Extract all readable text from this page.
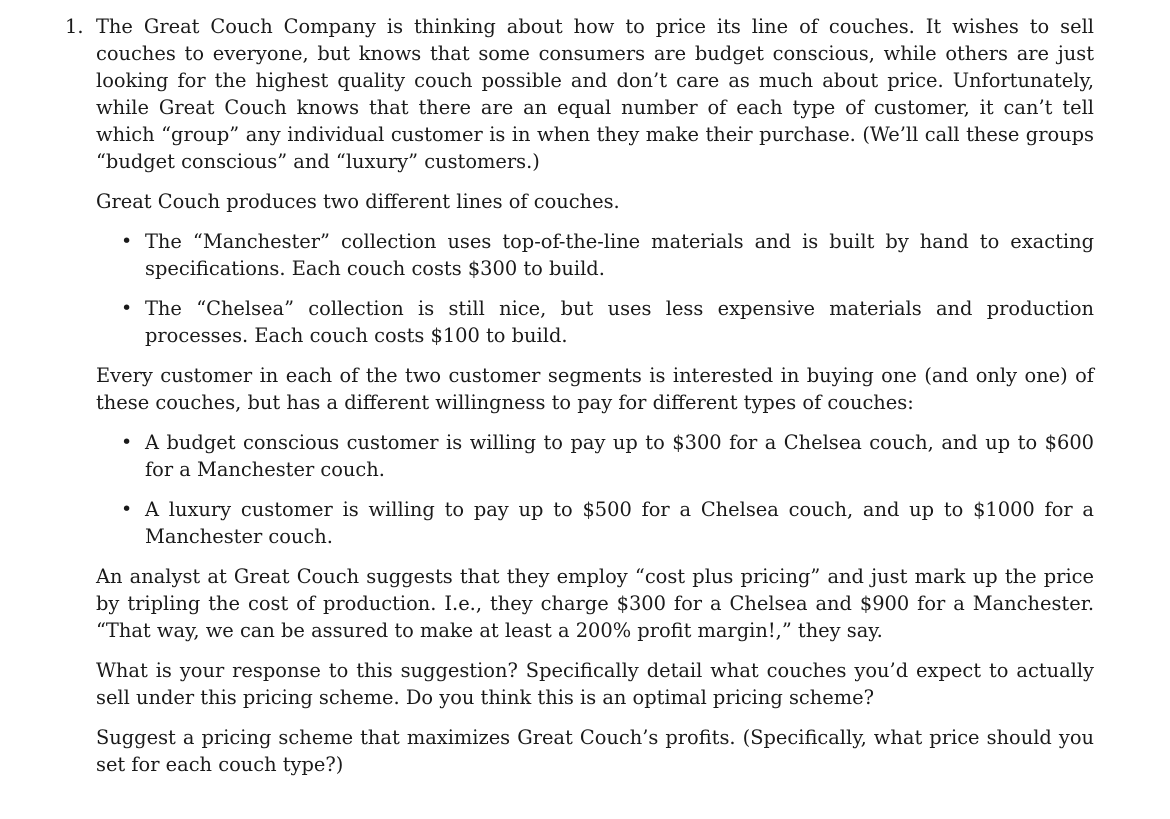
1. The Great Couch Company is thinking about how to price its line of couches. It wishes to sell couches to everyone, but knows that some consumers are budget conscious, while others are just looking for the highest quality couch possible and don’t care as much about price. Unfortunately, while Great Couch knows that there are an equal number of each type of customer, it can’t tell which “group” any individual customer is in when they make their purchase. (We’ll call these groups “budget conscious” and “luxury” customers.)

Great Couch produces two different lines of couches.

• The “Manchester” collection uses top-of-the-line materials and is built by hand to exacting specifications. Each couch costs $300 to build.
• The “Chelsea” collection is still nice, but uses less expensive materials and production processes. Each couch costs $100 to build.

Every customer in each of the two customer segments is interested in buying one (and only one) of these couches, but has a different willingness to pay for different types of couches:

• A budget conscious customer is willing to pay up to $300 for a Chelsea couch, and up to $600 for a Manchester couch.
• A luxury customer is willing to pay up to $500 for a Chelsea couch, and up to $1000 for a Manchester couch.

An analyst at Great Couch suggests that they employ “cost plus pricing” and just mark up the price by tripling the cost of production. I.e., they charge $300 for a Chelsea and $900 for a Manchester. “That way, we can be assured to make at least a 200% profit margin!,” they say.

What is your response to this suggestion? Specifically detail what couches you’d expect to actually sell under this pricing scheme. Do you think this is an optimal pricing scheme?

Suggest a pricing scheme that maximizes Great Couch’s profits. (Specifically, what price should you set for each couch type?)
